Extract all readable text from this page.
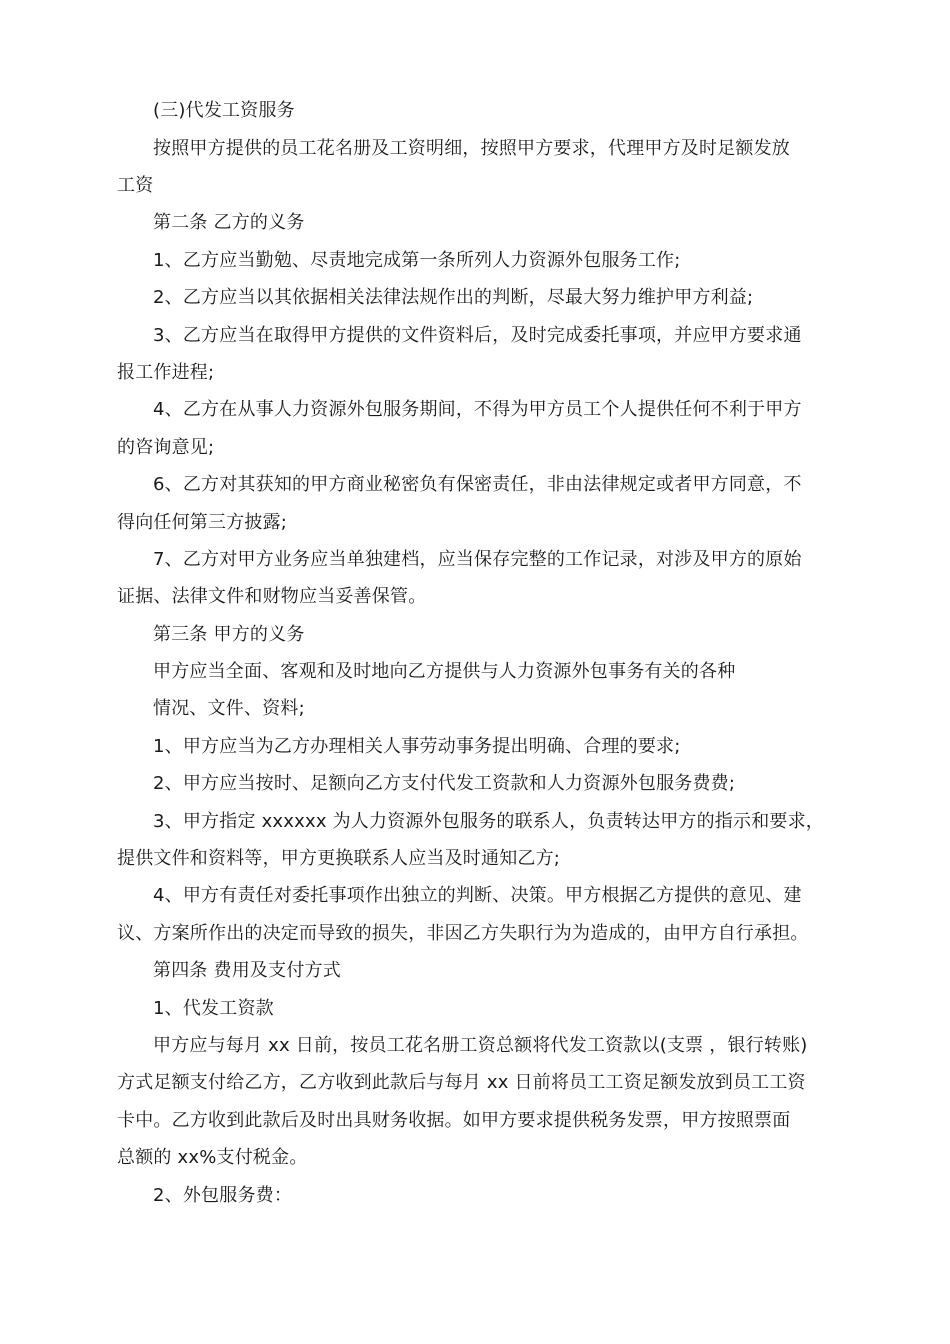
(三)代发工资服务
按照甲方提供的员工花名册及工资明细，按照甲方要求，代理甲方及时足额发放
工资
第二条 乙方的义务
1、乙方应当勤勉、尽责地完成第一条所列人力资源外包服务工作;
2、乙方应当以其依据相关法律法规作出的判断，尽最大努力维护甲方利益;
3、乙方应当在取得甲方提供的文件资料后，及时完成委托事项，并应甲方要求通
报工作进程;
4、乙方在从事人力资源外包服务期间，不得为甲方员工个人提供任何不利于甲方
的咨询意见;
6、乙方对其获知的甲方商业秘密负有保密责任，非由法律规定或者甲方同意，不
得向任何第三方披露;
7、乙方对甲方业务应当单独建档，应当保存完整的工作记录，对涉及甲方的原始
证据、法律文件和财物应当妥善保管。
第三条 甲方的义务
甲方应当全面、客观和及时地向乙方提供与人力资源外包事务有关的各种
情况、文件、资料;
1、甲方应当为乙方办理相关人事劳动事务提出明确、合理的要求;
2、甲方应当按时、足额向乙方支付代发工资款和人力资源外包服务费费;
3、甲方指定 xxxxxx 为人力资源外包服务的联系人，负责转达甲方的指示和要求，
提供文件和资料等，甲方更换联系人应当及时通知乙方;
4、甲方有责任对委托事项作出独立的判断、决策。甲方根据乙方提供的意见、建
议、方案所作出的决定而导致的损失，非因乙方失职行为为造成的，由甲方自行承担。
第四条 费用及支付方式
1、代发工资款
甲方应与每月 xx 日前，按员工花名册工资总额将代发工资款以(支票 ，银行转账)
方式足额支付给乙方，乙方收到此款后与每月 xx 日前将员工工资足额发放到员工工资
卡中。乙方收到此款后及时出具财务收据。如甲方要求提供税务发票，甲方按照票面
总额的 xx%支付税金。
2、外包服务费：
